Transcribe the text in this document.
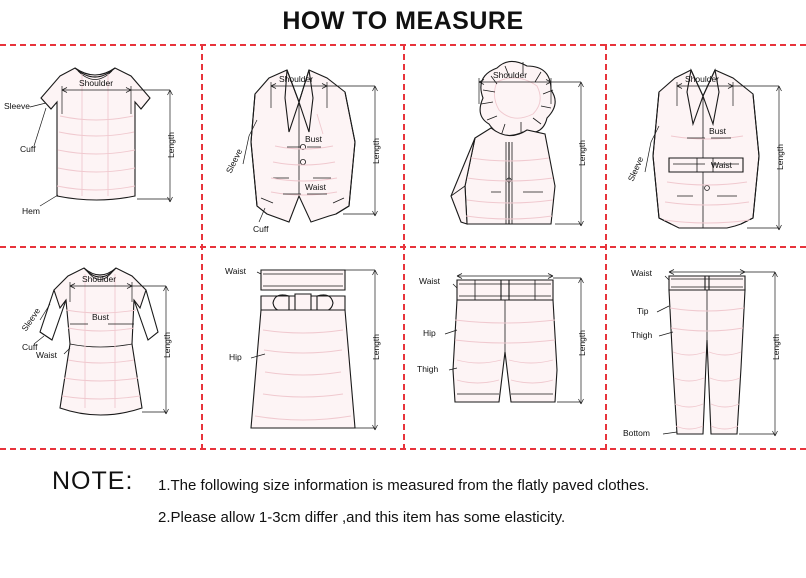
HOW TO MEASURE
Shoulder
Length
Sleeve
Cuff
Hem
Shoulder
Length
Bust
Waist
Sleeve
Cuff
Shoulder
Length
Shoulder
Length
Bust
Waist
Sleeve
Shoulder
Length
Bust
Waist
Sleeve
Cuff
Waist
Hip	Length
Waist
Hip
Thigh
Length
Waist
Tip
Thigh
Bottom
Length
NOTE: 1.The following size information is measured from the flatly paved clothes.
2.Please allow 1-3cm differ ,and this item has some elasticity.
